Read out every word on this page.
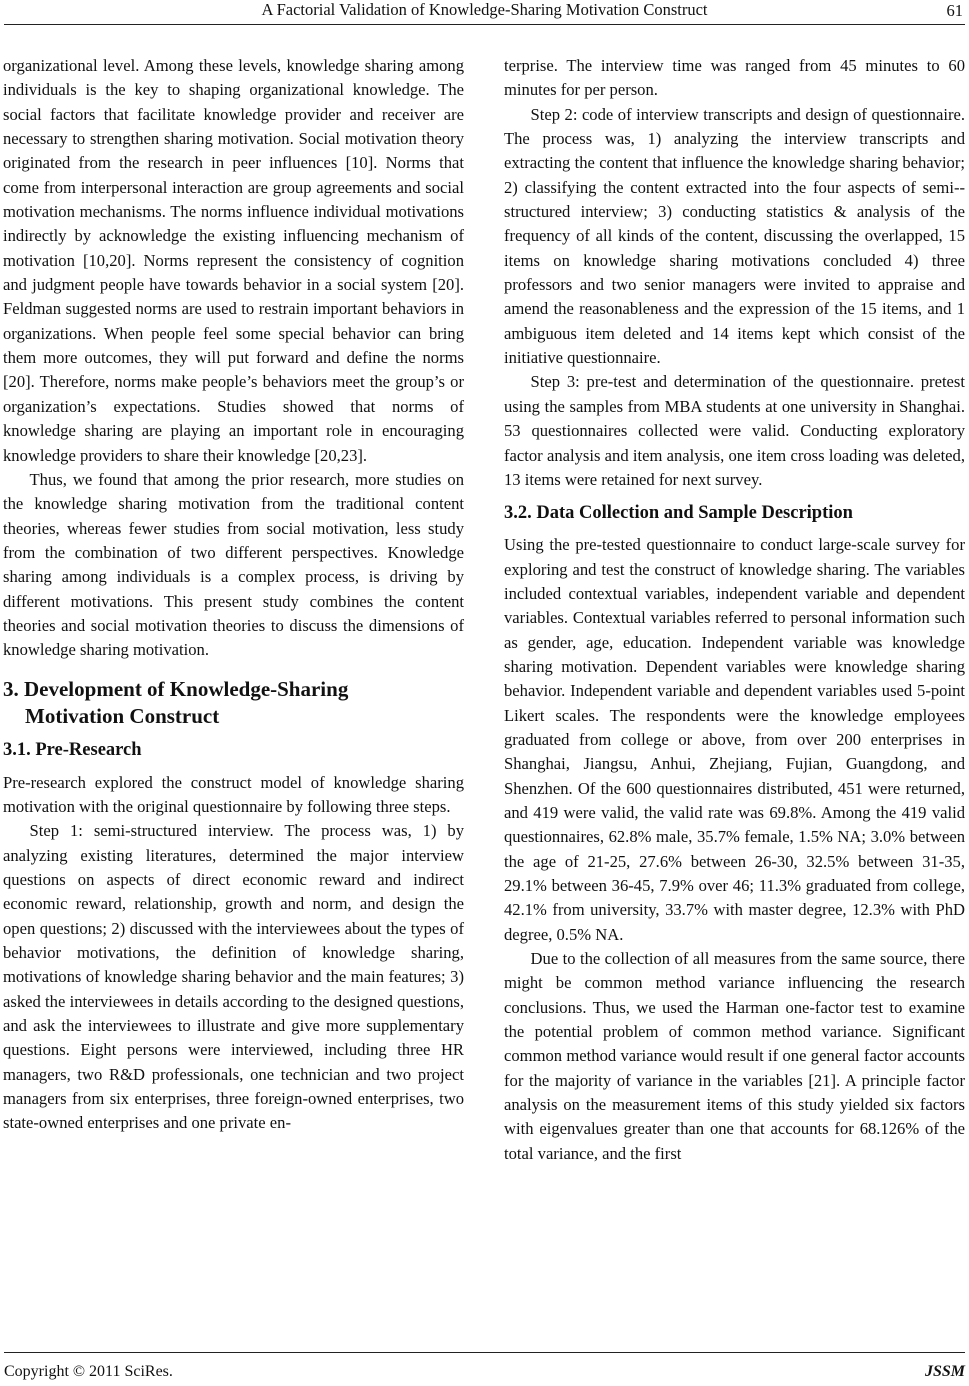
A Factorial Validation of Knowledge-Sharing Motivation Construct	61

organizational level. Among these levels, knowledge sharing among individuals is the key to shaping organizational knowledge. The social factors that facilitate knowledge provider and receiver are necessary to strengthen sharing motivation. Social motivation theory originated from the research in peer influences [10]. Norms that come from interpersonal interaction are group agreements and social motivation mechanisms. The norms influence individual motivations indirectly by acknowledge the existing influencing mechanism of motivation [10,20]. Norms represent the consistency of cognition and judgment people have towards behavior in a social system [20]. Feldman suggested norms are used to restrain important behaviors in organizations. When people feel some special behavior can bring them more outcomes, they will put forward and define the norms [20]. Therefore, norms make people’s behaviors meet the group’s or organization’s expectations. Studies showed that norms of knowledge sharing are playing an important role in encouraging knowledge providers to share their knowledge [20,23].

Thus, we found that among the prior research, more studies on the knowledge sharing motivation from the traditional content theories, whereas fewer studies from social motivation, less study from the combination of two different perspectives. Knowledge sharing among individuals is a complex process, is driving by different motivations. This present study combines the content theories and social motivation theories to discuss the dimensions of knowledge sharing motivation.

3. Development of Knowledge-Sharing
Motivation Construct
3.1. Pre-Research

Pre-research explored the construct model of knowledge sharing motivation with the original questionnaire by following three steps.

Step 1: semi-structured interview. The process was, 1) by analyzing existing literatures, determined the major interview questions on aspects of direct economic reward and indirect economic reward, relationship, growth and norm, and design the open questions; 2) discussed with the interviewees about the types of behavior motivations, the definition of knowledge sharing, motivations of knowledge sharing behavior and the main features; 3) asked the interviewees in details according to the designed questions, and ask the interviewees to illustrate and give more supplementary questions. Eight persons were interviewed, including three HR managers, two R&D professionals, one technician and two project managers from six enterprises, three foreign-owned enterprises, two state-owned enterprises and one private en-

terprise. The interview time was ranged from 45 minutes to 60 minutes for per person.

Step 2: code of interview transcripts and design of questionnaire. The process was, 1) analyzing the interview transcripts and extracting the content that influence the knowledge sharing behavior; 2) classifying the content extracted into the four aspects of semi--structured interview; 3) conducting statistics & analysis of the frequency of all kinds of the content, discussing the overlapped, 15 items on knowledge sharing motivations concluded 4) three professors and two senior managers were invited to appraise and amend the reasonableness and the expression of the 15 items, and 1 ambiguous item deleted and 14 items kept which consist of the initiative questionnaire.

Step 3: pre-test and determination of the questionnaire. pretest using the samples from MBA students at one university in Shanghai. 53 questionnaires collected were valid. Conducting exploratory factor analysis and item analysis, one item cross loading was deleted, 13 items were retained for next survey.

3.2. Data Collection and Sample Description

Using the pre-tested questionnaire to conduct large-scale survey for exploring and test the construct of knowledge sharing. The variables included contextual variables, independent variable and dependent variables. Contextual variables referred to personal information such as gender, age, education. Independent variable was knowledge sharing motivation. Dependent variables were knowledge sharing behavior. Independent variable and dependent variables used 5-point Likert scales. The respondents were the knowledge employees graduated from college or above, from over 200 enterprises in Shanghai, Jiangsu, Anhui, Zhejiang, Fujian, Guangdong, and Shenzhen. Of the 600 questionnaires distributed, 451 were returned, and 419 were valid, the valid rate was 69.8%. Among the 419 valid questionnaires, 62.8% male, 35.7% female, 1.5% NA; 3.0% between the age of 21-25, 27.6% between 26-30, 32.5% between 31-35, 29.1% between 36-45, 7.9% over 46; 11.3% graduated from college, 42.1% from university, 33.7% with master degree, 12.3% with PhD degree, 0.5% NA.

Due to the collection of all measures from the same source, there might be common method variance influencing the research conclusions. Thus, we used the Harman one-factor test to examine the potential problem of common method variance. Significant common method variance would result if one general factor accounts for the majority of variance in the variables [21]. A principle factor analysis on the measurement items of this study yielded six factors with eigenvalues greater than one that accounts for 68.126% of the total variance, and the first

Copyright © 2011 SciRes.	JSSM
